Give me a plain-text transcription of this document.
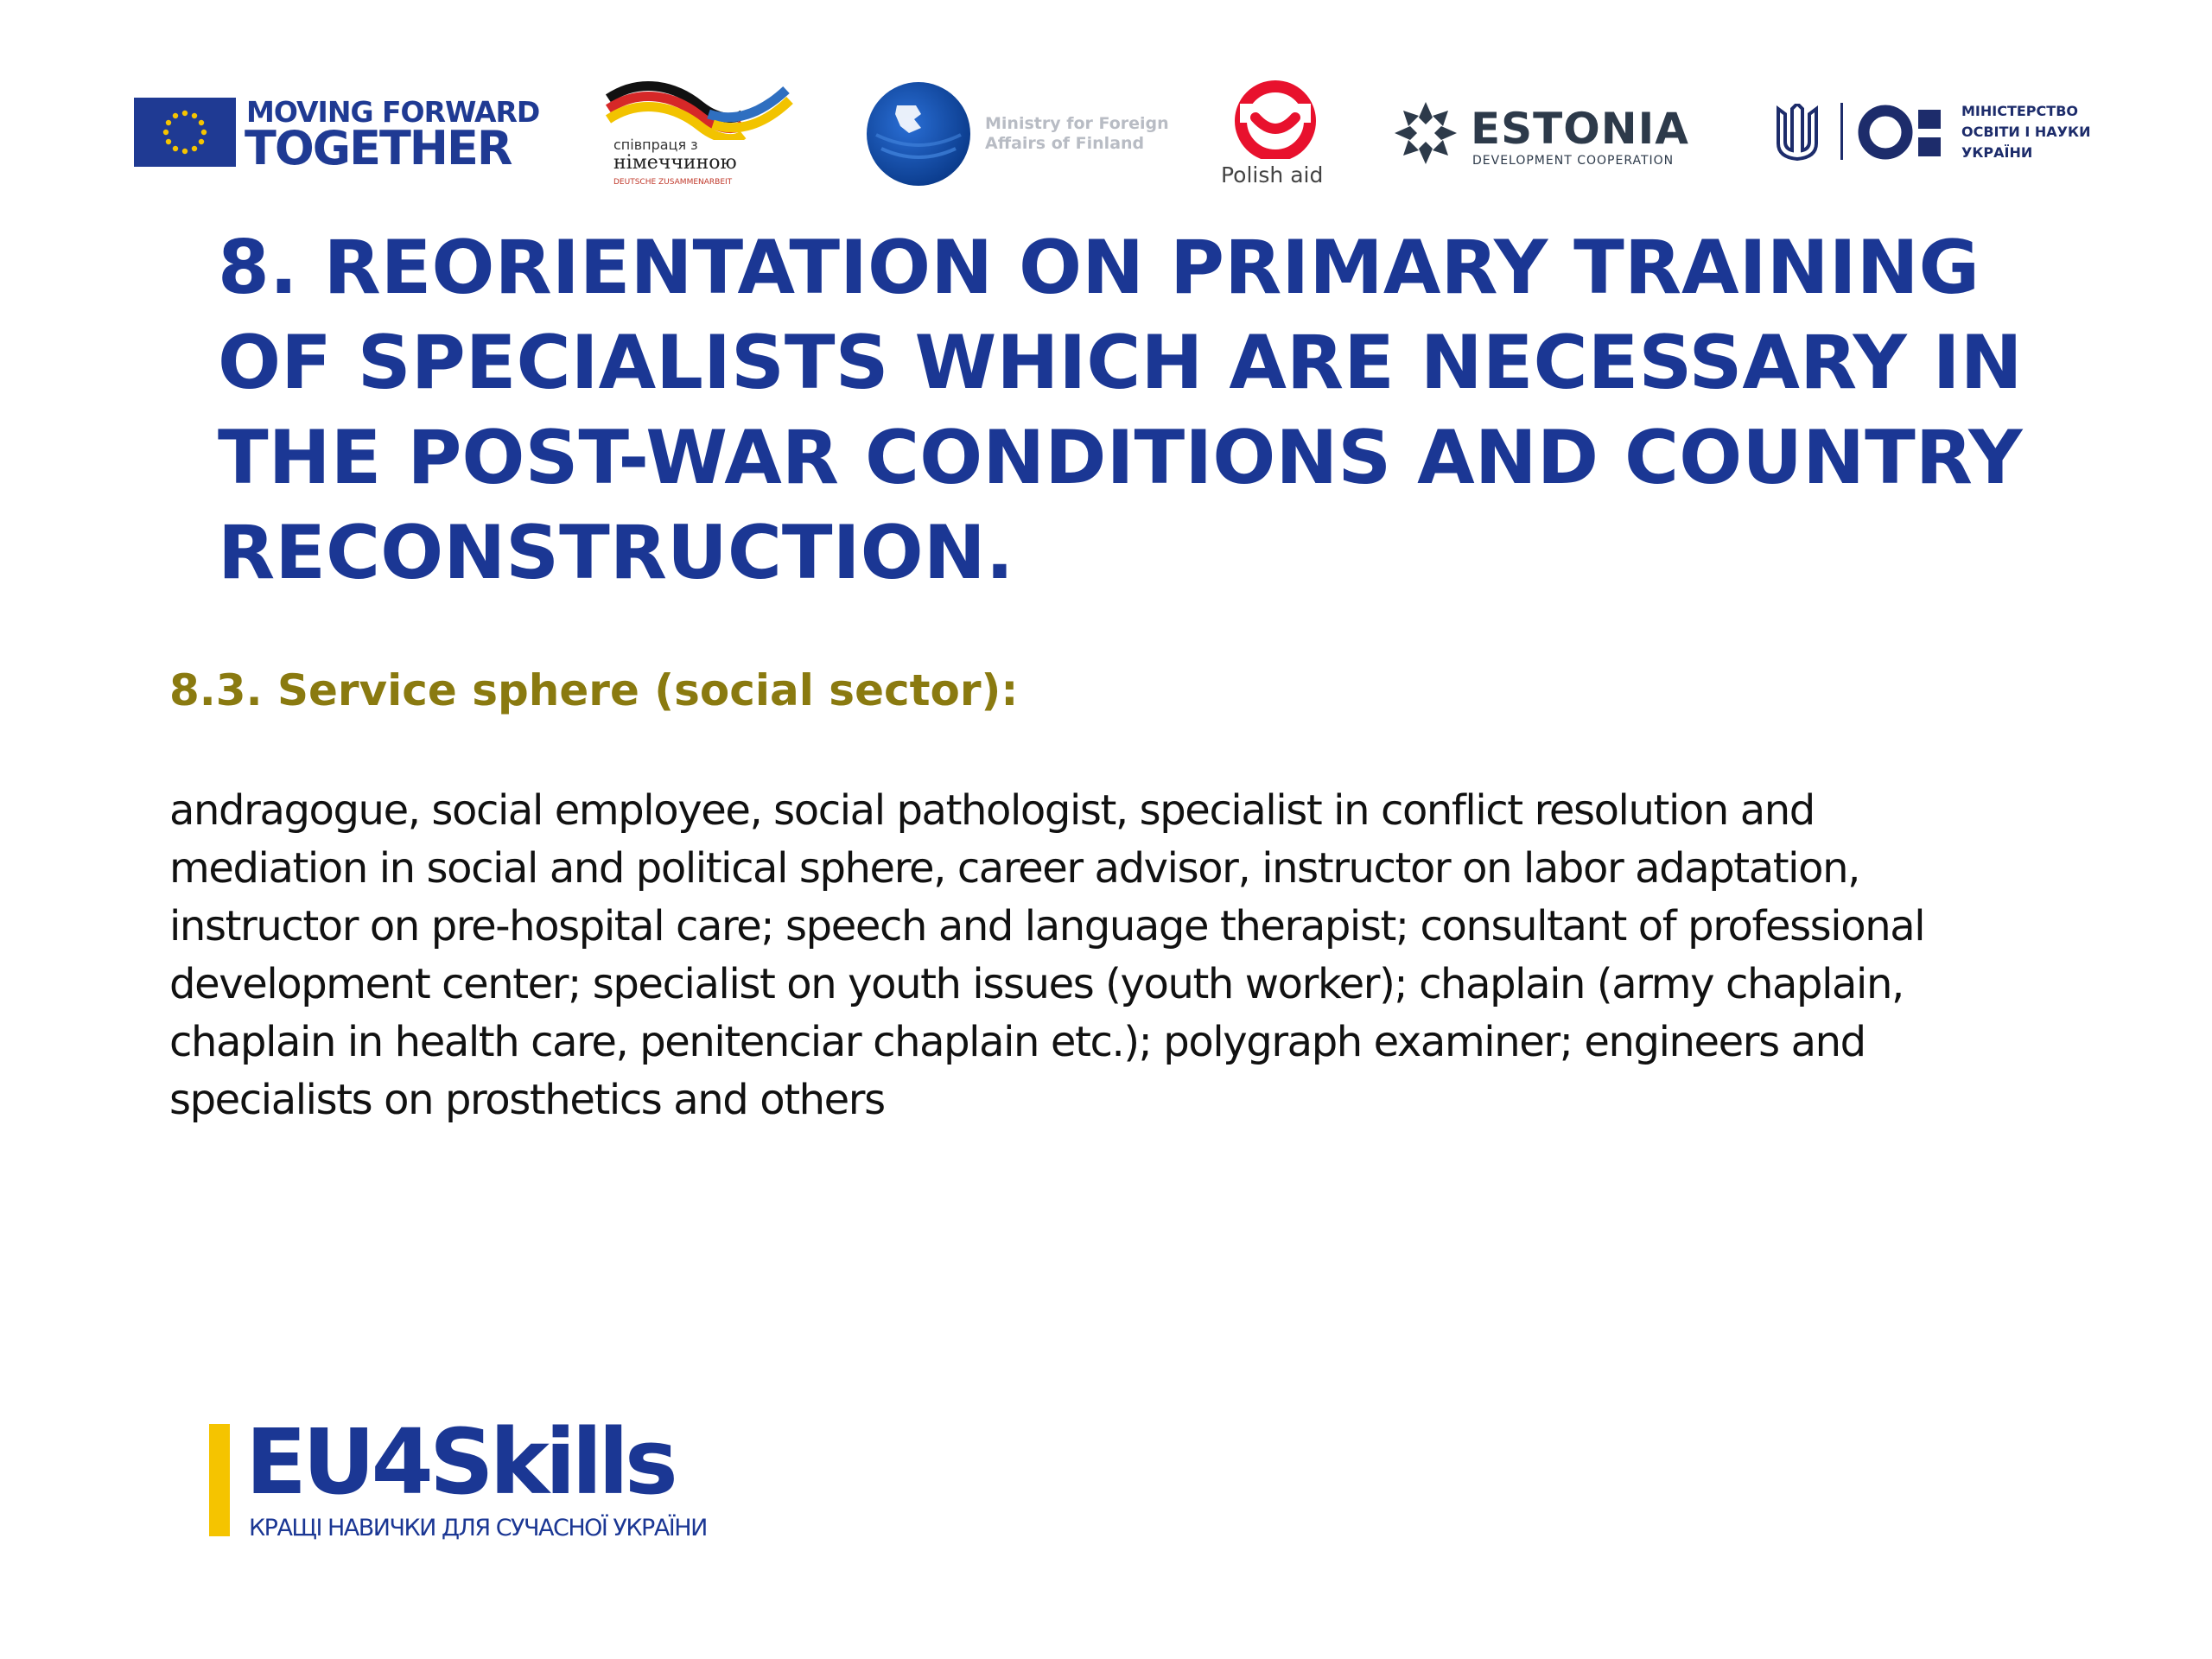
MOVING FORWARD
TOGETHER	співпраця з
німеччиною
DEUTSCHE ZUSAMMENARBEIT
Ministry for Foreign
Affairs of Finland
Polish aid
ESTONIA
DEVELOPMENT COOPERATION
МІНІСТЕРСТВО
ОСВІТИ І НАУКИ
УКРАЇНИ
8. REORIENTATION ON PRIMARY TRAINING
OF SPECIALISTS WHICH ARE NECESSARY IN
THE POST-WAR CONDITIONS AND COUNTRY
RECONSTRUCTION.
8.3. Service sphere (social sector):

andragogue, social employee, social pathologist, specialist in conflict resolution and
mediation in social and political sphere, career advisor, instructor on labor adaptation,
instructor on pre-hospital care; speech and language therapist; consultant of professional
development center; specialist on youth issues (youth worker); chaplain (army chaplain,
chaplain in health care, penitenciar chaplain etc.); polygraph examiner; engineers and
specialists on prosthetics and others

EU4Skills
КРАЩІ НАВИЧКИ ДЛЯ СУЧАСНОЇ УКРАЇНИ
